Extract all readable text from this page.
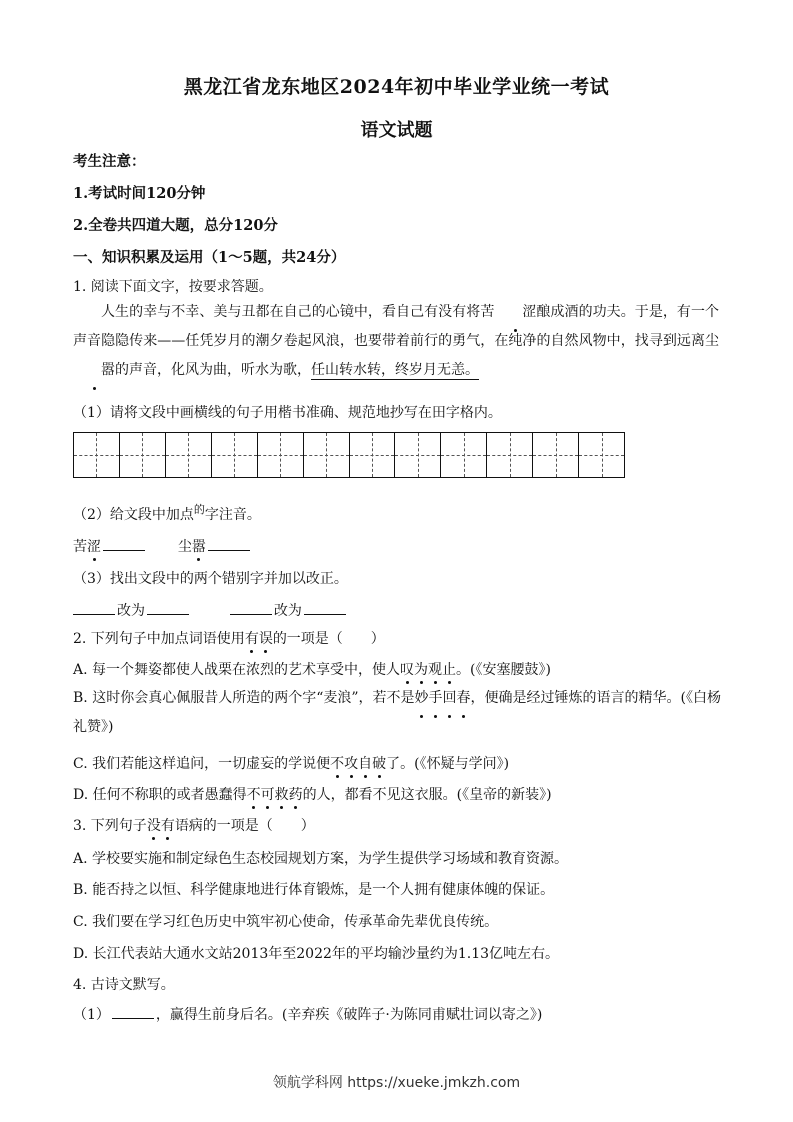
黑龙江省龙东地区2024年初中毕业学业统一考试
语文试题
考生注意：
1.考试时间120分钟
2.全卷共四道大题，总分120分
一、知识积累及运用（1～5题，共24分）
1. 阅读下面文字，按要求答题。
人生的幸与不幸、美与丑都在自己的心镜中，看自己有没有将苦 涩酿成酒的功夫。于是，有一个声音隐隐传来——任凭岁月的潮夕卷起风浪，也要带着前行的勇气，在纯净的自然风物中，找寻到远离尘嚣的声音，化风为曲，听水为歌，任山转水转，终岁月无恙。
（1）请将文段中画横线的句子用楷书准确、规范地抄写在田字格内。
（2）给文段中加点$^的$字注音。
苦涩	尘嚣
（3）找出文段中的两个错别字并加以改正。
改为	改为
2. 下列句子中加点词语使用有误的一项是（　　）
A. 每一个舞姿都使人战栗在浓烈的艺术享受中，使人叹为观止。(《安塞腰鼓》)
B. 这时你会真心佩服昔人所造的两个字“麦浪”，若不是妙手回春，便确是经过锤炼的语言的精华。(《白杨礼赞》)
C. 我们若能这样追问，一切虚妄的学说便不攻自破了。(《怀疑与学问》)
D. 任何不称职的或者愚蠢得不可救药的人，都看不见这衣服。(《皇帝的新装》)
3. 下列句子没有语病的一项是（　　）
A. 学校要实施和制定绿色生态校园规划方案，为学生提供学习场域和教育资源。
B. 能否持之以恒、科学健康地进行体育锻炼，是一个人拥有健康体魄的保证。
C. 我们要在学习红色历史中筑牢初心使命，传承革命先辈优良传统。
D. 长江代表站大通水文站2013年至2022年的平均输沙量约为1.13亿吨左右。
4. 古诗文默写。
（1）	，赢得生前身后名。(辛弃疾《破阵子·为陈同甫赋壮词以寄之》)
领航学科网 https://xueke.jmkzh.com
